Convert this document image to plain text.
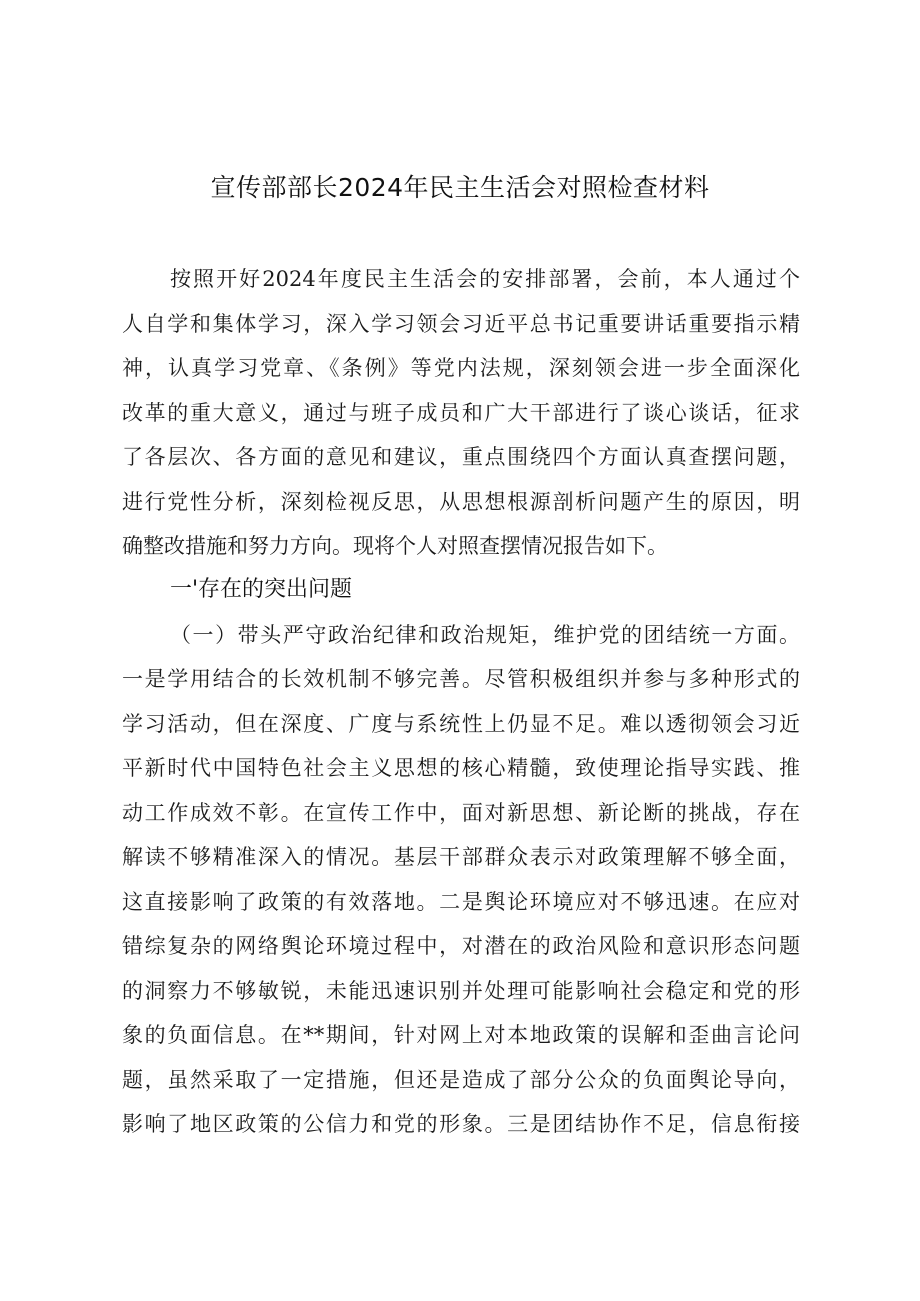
宣传部部长2024年民主生活会对照检查材料
按照开好2024年度民主生活会的安排部署，会前，本人通过个
人自学和集体学习，深入学习领会习近平总书记重要讲话重要指示精
神，认真学习党章、《条例》等党内法规，深刻领会进一步全面深化
改革的重大意义，通过与班子成员和广大干部进行了谈心谈话，征求
了各层次、各方面的意见和建议，重点围绕四个方面认真查摆问题，
进行党性分析，深刻检视反思，从思想根源剖析问题产生的原因，明
确整改措施和努力方向。现将个人对照查摆情况报告如下。
一'存在的突出问题
（一）带头严守政治纪律和政治规矩，维护党的团结统一方面。
一是学用结合的长效机制不够完善。尽管积极组织并参与多种形式的
学习活动，但在深度、广度与系统性上仍显不足。难以透彻领会习近
平新时代中国特色社会主义思想的核心精髓，致使理论指导实践、推
动工作成效不彰。在宣传工作中，面对新思想、新论断的挑战，存在
解读不够精准深入的情况。基层干部群众表示对政策理解不够全面，
这直接影响了政策的有效落地。二是舆论环境应对不够迅速。在应对
错综复杂的网络舆论环境过程中，对潜在的政治风险和意识形态问题
的洞察力不够敏锐，未能迅速识别并处理可能影响社会稳定和党的形
象的负面信息。在**期间，针对网上对本地政策的误解和歪曲言论问
题，虽然采取了一定措施，但还是造成了部分公众的负面舆论导向，
影响了地区政策的公信力和党的形象。三是团结协作不足，信息衔接
